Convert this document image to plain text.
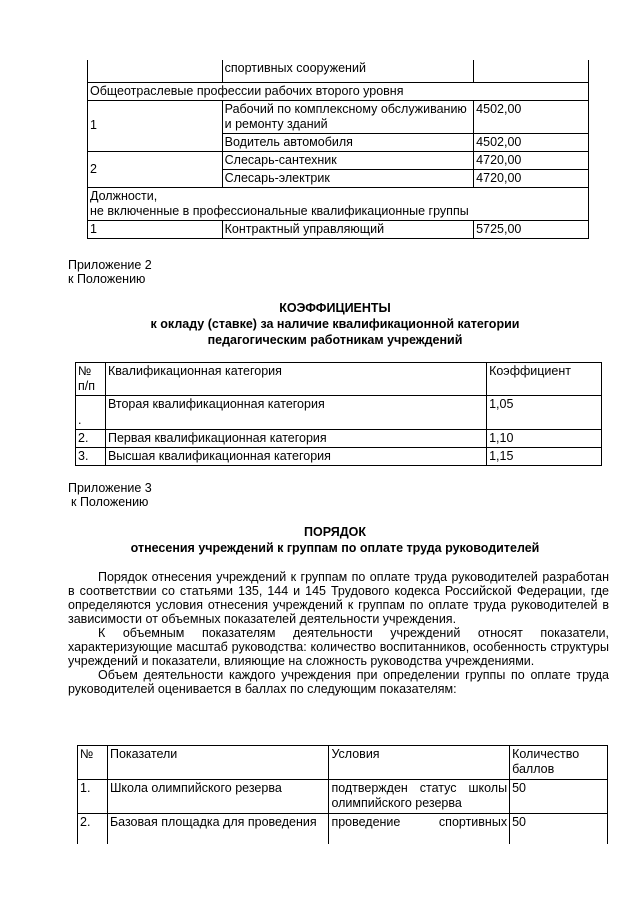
	спортивных сооружений	
Общеотраслевые профессии рабочих второго уровня		
1	Рабочий по комплексному обслуживанию и ремонту зданий	4502,00
	Водитель автомобиля	4502,00
2	Слесарь-сантехник	4720,00
	Слесарь-электрик	4720,00
Должности,
не включенные в профессиональные квалификационные группы		
1	Контрактный управляющий	5725,00
Приложение 2
к Положению
КОЭФФИЦИЕНТЫ
к окладу (ставке) за наличие квалификационной категории
педагогическим работникам учреждений
№ п/п	Квалификационная категория	Коэффициент
.	Вторая квалификационная категория	1,05
2.	Первая квалификационная категория	1,10
3.	Высшая квалификационная категория	1,15
Приложение 3
к Положению
ПОРЯДОК
отнесения учреждений к группам по оплате труда руководителей

Порядок отнесения учреждений к группам по оплате труда руководителей разработан в соответствии со статьями 135, 144 и 145 Трудового кодекса Российской Федерации, где определяются условия отнесения учреждений к группам по оплате труда руководителей в зависимости от объемных показателей деятельности учреждения.

К объемным показателям деятельности учреждений относят показатели, характеризующие масштаб руководства: количество воспитанников, особенность структуры учреждений и показатели, влияющие на сложность руководства учреждениями.

Объем деятельности каждого учреждения при определении группы по оплате труда руководителей оценивается в баллах по следующим показателям:

№	Показатели	Условия	Количество баллов
1.	Школа олимпийского резерва	подтвержден статус школы олимпийского резерва	50
2.	Базовая площадка для проведения	проведение спортивных	50
